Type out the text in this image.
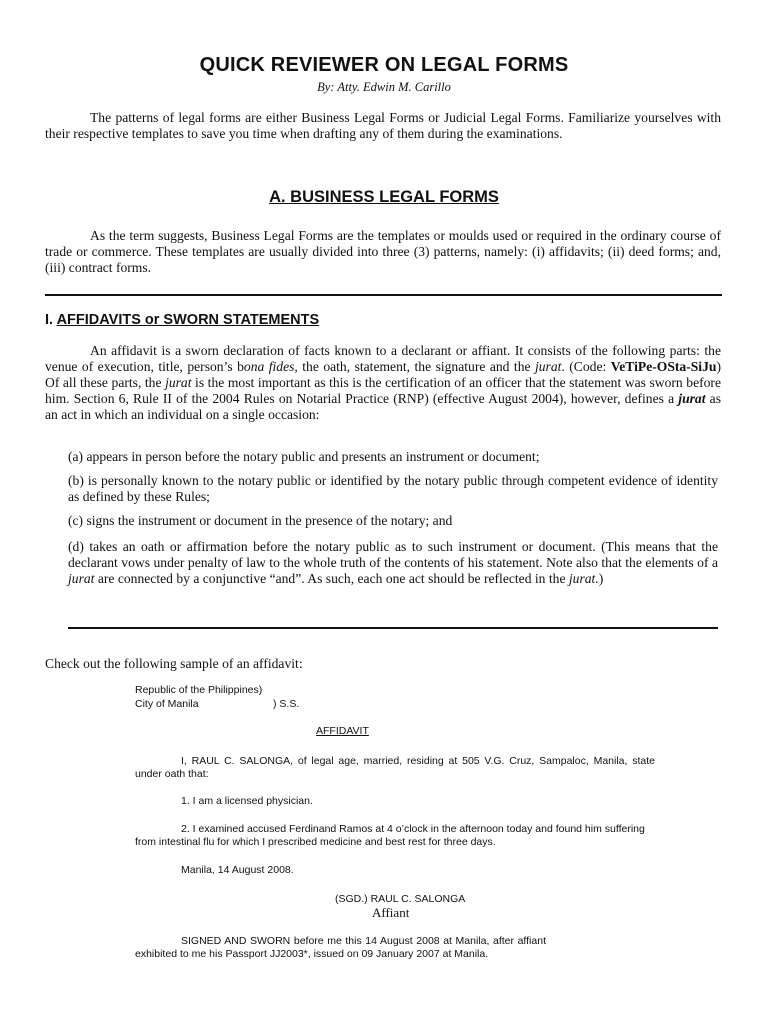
QUICK REVIEWER ON LEGAL FORMS
By: Atty. Edwin M. Carillo

The patterns of legal forms are either Business Legal Forms or Judicial Legal Forms. Familiarize yourselves with their respective templates to save you time when drafting any of them during the examinations.

A. BUSINESS LEGAL FORMS

As the term suggests, Business Legal Forms are the templates or moulds used or required in the ordinary course of trade or commerce. These templates are usually divided into three (3) patterns, namely: (i) affidavits; (ii) deed forms; and, (iii) contract forms.

I. AFFIDAVITS or SWORN STATEMENTS

An affidavit is a sworn declaration of facts known to a declarant or affiant. It consists of the following parts: the venue of execution, title, person’s bona fides, the oath, statement, the signature and the jurat. (Code: VeTiPe-OSta-SiJu) Of all these parts, the jurat is the most important as this is the certification of an officer that the statement was sworn before him. Section 6, Rule II of the 2004 Rules on Notarial Practice (RNP) (effective August 2004), however, defines a jurat as an act in which an individual on a single occasion:

(a) appears in person before the notary public and presents an instrument or document;

(b) is personally known to the notary public or identified by the notary public through competent evidence of identity as defined by these Rules;

(c) signs the instrument or document in the presence of the notary; and

(d) takes an oath or affirmation before the notary public as to such instrument or document. (This means that the declarant vows under penalty of law to the whole truth of the contents of his statement. Note also that the elements of a jurat are connected by a conjunctive “and”. As such, each one act should be reflected in the jurat.)

Check out the following sample of an affidavit:

Republic of the Philippines)

City of Manila	) S.S.

AFFIDAVIT

I, RAUL C. SALONGA, of legal age, married, residing at 505 V.G. Cruz, Sampaloc, Manila, state under oath that:

1. I am a licensed physician.

2. I examined accused Ferdinand Ramos at 4 o’clock in the afternoon today and found him suffering from intestinal flu for which I prescribed medicine and best rest for three days.

Manila, 14 August 2008.

(SGD.) RAUL C. SALONGA

Affiant

SIGNED AND SWORN before me this 14 August 2008 at Manila, after affiant exhibited to me his Passport JJ2003*, issued on 09 January 2007 at Manila.
